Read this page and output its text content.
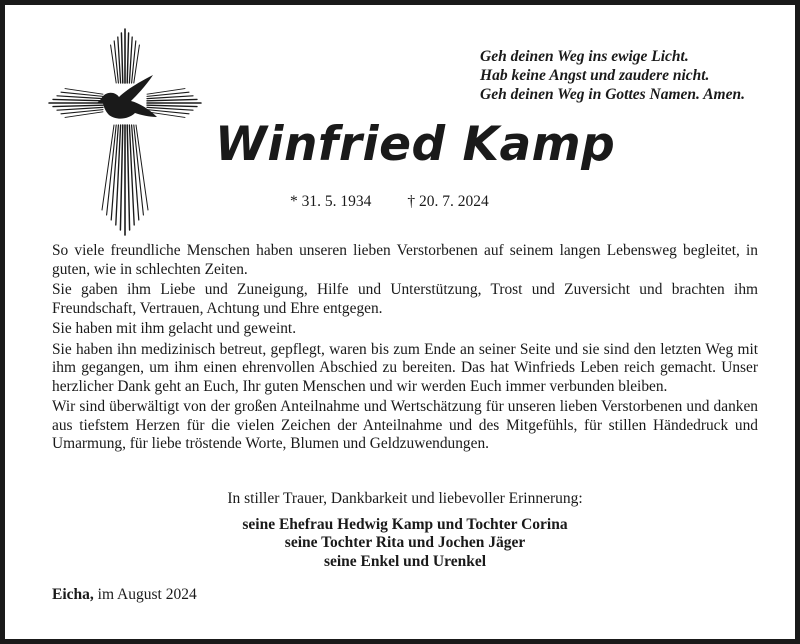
Geh deinen Weg ins ewige Licht.
Hab keine Angst und zaudere nicht.
Geh deinen Weg in Gottes Namen. Amen.
Winfried Kamp
* 31. 5. 1934 † 20. 7. 2024

So viele freundliche Menschen haben unseren lieben Verstorbenen auf seinem langen Lebensweg begleitet, in guten, wie in schlechten Zeiten.

Sie gaben ihm Liebe und Zuneigung, Hilfe und Unterstützung, Trost und Zuversicht und brachten ihm Freundschaft, Vertrauen, Achtung und Ehre entgegen.

Sie haben mit ihm gelacht und geweint.

Sie haben ihn medizinisch betreut, gepflegt, waren bis zum Ende an seiner Seite und sie sind den letzten Weg mit ihm gegangen, um ihm einen ehrenvollen Abschied zu bereiten. Das hat Winfrieds Leben reich gemacht. Unser herzlicher Dank geht an Euch, Ihr guten Menschen und wir werden Euch immer verbunden bleiben.

Wir sind überwältigt von der großen Anteilnahme und Wertschätzung für unseren lieben Verstorbenen und danken aus tiefstem Herzen für die vielen Zeichen der Anteilnahme und des Mitgefühls, für stillen Händedruck und Umarmung, für liebe tröstende Worte, Blumen und Geldzuwendungen.

In stiller Trauer, Dankbarkeit und liebevoller Erinnerung:
seine Ehefrau Hedwig Kamp und Tochter Corina
seine Tochter Rita und Jochen Jäger
seine Enkel und Urenkel
Eicha, im August 2024
